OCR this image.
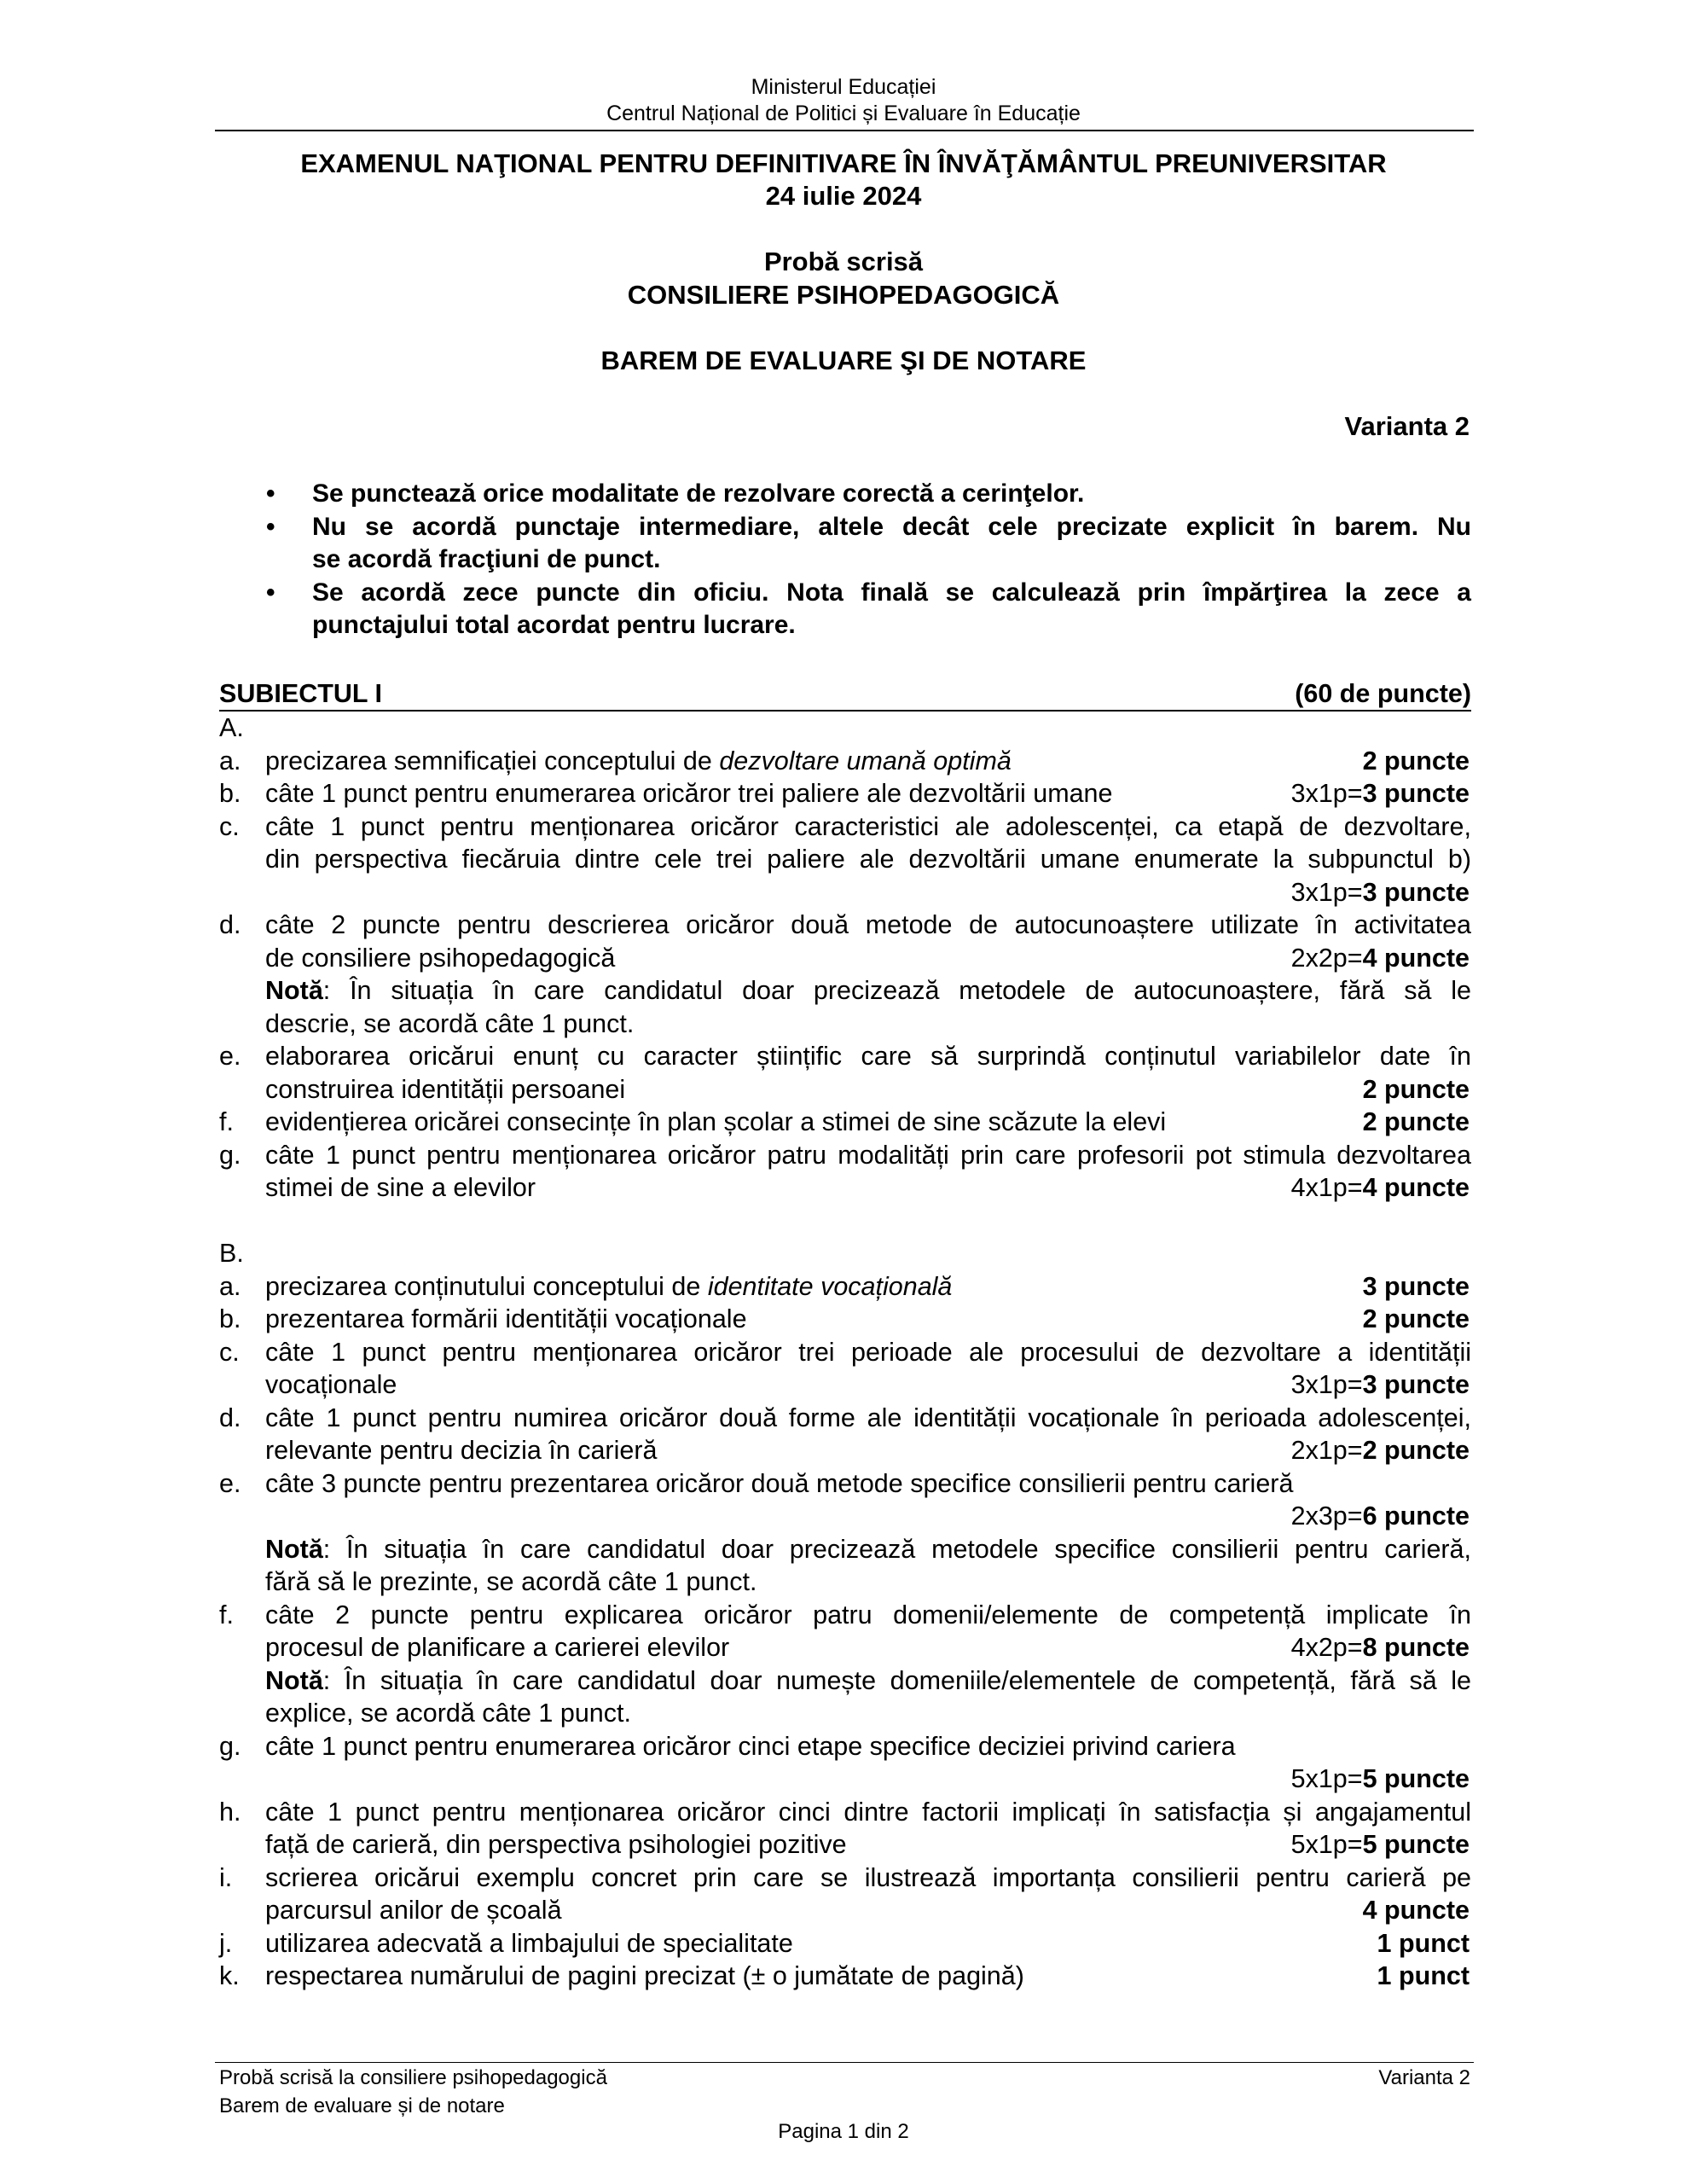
Ministerul Educației
Centrul Național de Politici și Evaluare în Educație
EXAMENUL NAŢIONAL PENTRU DEFINITIVARE ÎN ÎNVĂŢĂMÂNTUL PREUNIVERSITAR
24 iulie 2024
Probă scrisă
CONSILIERE PSIHOPEDAGOGICĂ
BAREM DE EVALUARE ŞI DE NOTARE
Varianta 2
• Se punctează orice modalitate de rezolvare corectă a cerinţelor.
• Nu se acordă punctaje intermediare, altele decât cele precizate explicit în barem. Nu
se acordă fracţiuni de punct.
• Se acordă zece puncte din oficiu. Nota finală se calculează prin împărţirea la zece a
punctajului total acordat pentru lucrare.
SUBIECTUL I	(60 de puncte)
A.
a. precizarea semnificației conceptului de dezvoltare umană optimă	2 puncte
b. câte 1 punct pentru enumerarea oricăror trei paliere ale dezvoltării umane	3x1p=3 puncte
c. câte 1 punct pentru menționarea oricăror caracteristici ale adolescenței, ca etapă de dezvoltare,
din perspectiva fiecăruia dintre cele trei paliere ale dezvoltării umane enumerate la subpunctul b)
3x1p=3 puncte
d. câte 2 puncte pentru descrierea oricăror două metode de autocunoaștere utilizate în activitatea
de consiliere psihopedagogică	2x2p=4 puncte
Notă: În situația în care candidatul doar precizează metodele de autocunoaștere, fără să le
descrie, se acordă câte 1 punct.
e. elaborarea oricărui enunț cu caracter științific care să surprindă conținutul variabilelor date în
construirea identității persoanei	2 puncte
f. evidențierea oricărei consecințe în plan școlar a stimei de sine scăzute la elevi	2 puncte
g. câte 1 punct pentru menționarea oricăror patru modalități prin care profesorii pot stimula dezvoltarea
stimei de sine a elevilor	4x1p=4 puncte
B.
a. precizarea conținutului conceptului de identitate vocațională	3 puncte
b. prezentarea formării identității vocaționale	2 puncte
c. câte 1 punct pentru menționarea oricăror trei perioade ale procesului de dezvoltare a identității
vocaționale	3x1p=3 puncte
d. câte 1 punct pentru numirea oricăror două forme ale identității vocaționale în perioada adolescenței,
relevante pentru decizia în carieră	2x1p=2 puncte
e. câte 3 puncte pentru prezentarea oricăror două metode specifice consilierii pentru carieră
2x3p=6 puncte
Notă: În situația în care candidatul doar precizează metodele specifice consilierii pentru carieră,
fără să le prezinte, se acordă câte 1 punct.
f. câte 2 puncte pentru explicarea oricăror patru domenii/elemente de competență implicate în
procesul de planificare a carierei elevilor	4x2p=8 puncte
Notă: În situația în care candidatul doar numește domeniile/elementele de competență, fără să le
explice, se acordă câte 1 punct.
g. câte 1 punct pentru enumerarea oricăror cinci etape specifice deciziei privind cariera
5x1p=5 puncte
h. câte 1 punct pentru menționarea oricăror cinci dintre factorii implicați în satisfacția și angajamentul
față de carieră, din perspectiva psihologiei pozitive	5x1p=5 puncte
i. scrierea oricărui exemplu concret prin care se ilustrează importanța consilierii pentru carieră pe
parcursul anilor de școală	4 puncte
j. utilizarea adecvată a limbajului de specialitate	1 punct
k. respectarea numărului de pagini precizat (± o jumătate de pagină)	1 punct
Probă scrisă la consiliere psihopedagogică
Barem de evaluare și de notare
Varianta 2
Pagina 1 din 2
